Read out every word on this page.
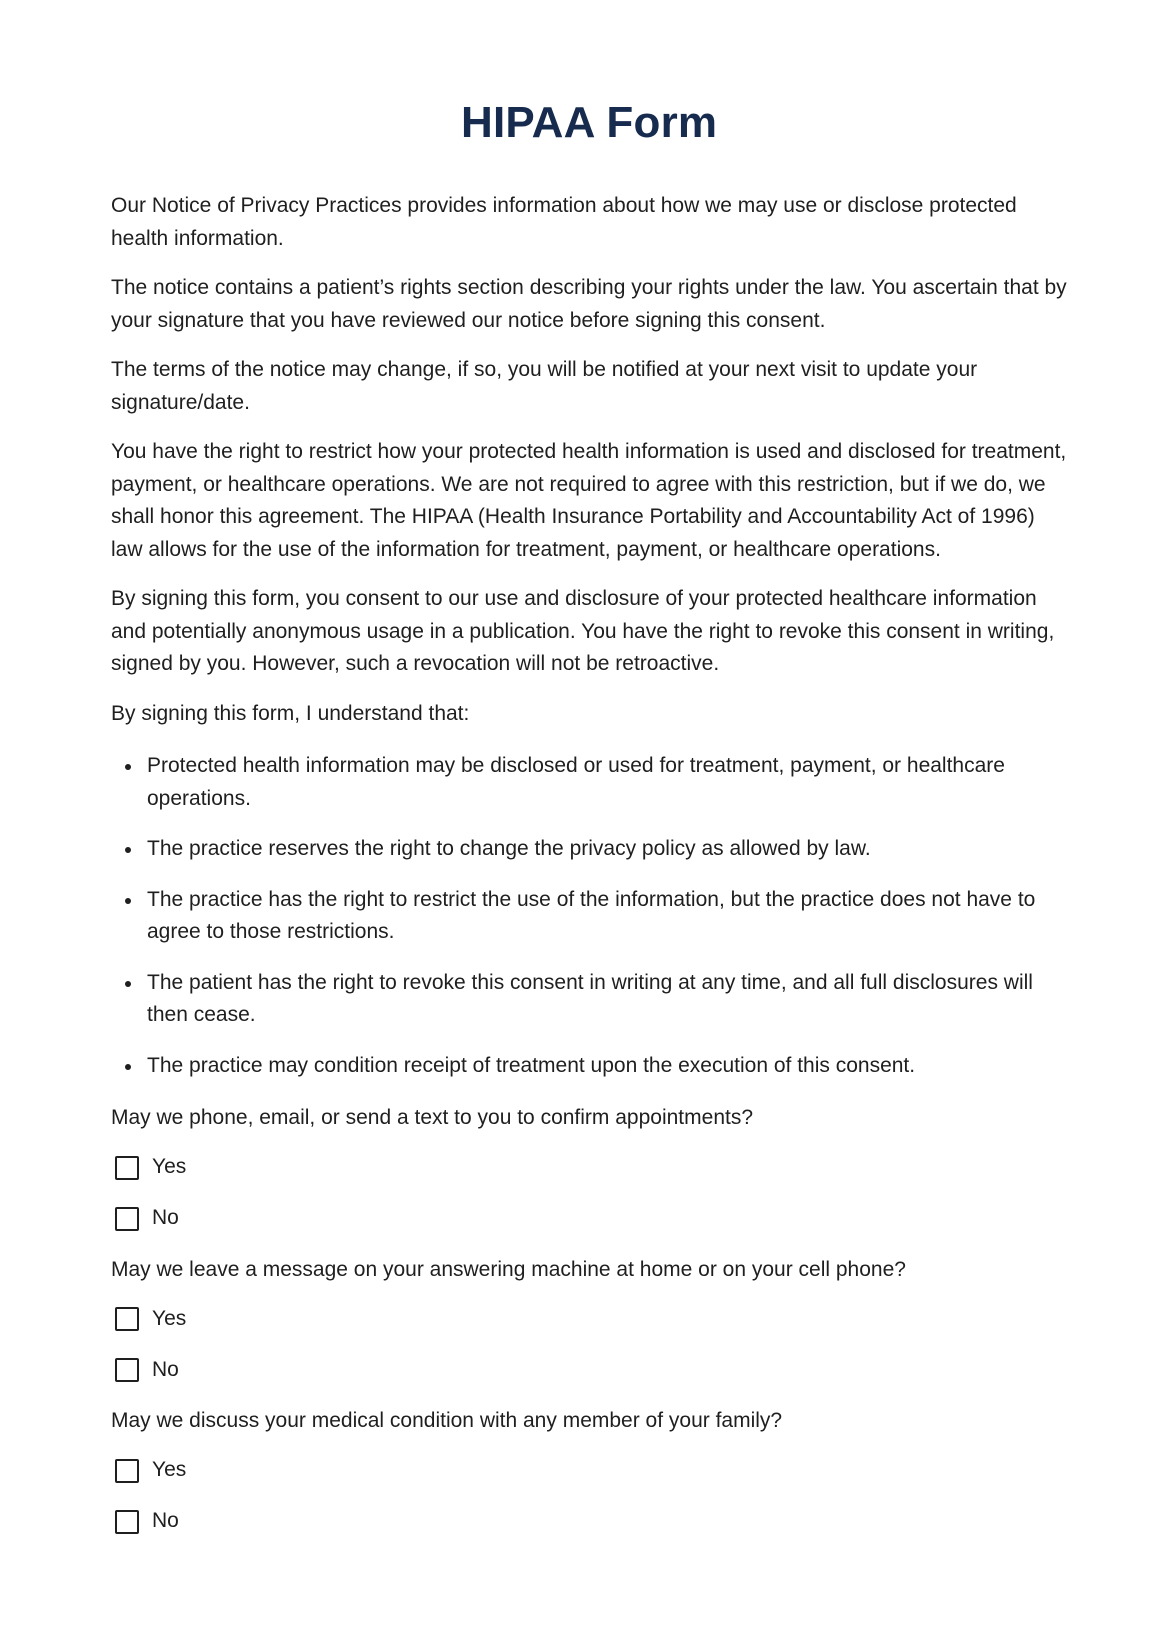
HIPAA Form

Our Notice of Privacy Practices provides information about how we may use or disclose protected health information.

The notice contains a patient’s rights section describing your rights under the law. You ascertain that by your signature that you have reviewed our notice before signing this consent.

The terms of the notice may change, if so, you will be notified at your next visit to update your signature/date.

You have the right to restrict how your protected health information is used and disclosed for treatment, payment, or healthcare operations. We are not required to agree with this restriction, but if we do, we shall honor this agreement. The HIPAA (Health Insurance Portability and Accountability Act of 1996) law allows for the use of the information for treatment, payment, or healthcare operations.

By signing this form, you consent to our use and disclosure of your protected healthcare information and potentially anonymous usage in a publication. You have the right to revoke this consent in writing, signed by you. However, such a revocation will not be retroactive.

By signing this form, I understand that:

Protected health information may be disclosed or used for treatment, payment, or healthcare operations.
The practice reserves the right to change the privacy policy as allowed by law.
The practice has the right to restrict the use of the information, but the practice does not have to agree to those restrictions.
The patient has the right to revoke this consent in writing at any time, and all full disclosures will then cease.
The practice may condition receipt of treatment upon the execution of this consent.

May we phone, email, or send a text to you to confirm appointments?

Yes
No

May we leave a message on your answering machine at home or on your cell phone?

Yes
No

May we discuss your medical condition with any member of your family?

Yes
No
